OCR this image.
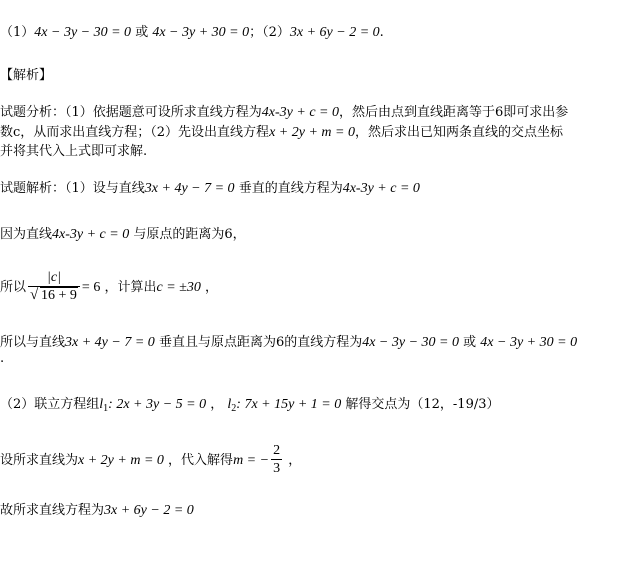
（1）4x − 3y − 30 = 0 或 4x − 3y + 30 = 0；（2）3x + 6y − 2 = 0.
【解析】
试题分析：（1）依据题意可设所求直线方程为4x-3y + c = 0，然后由点到直线距离等于6即可求出参
数c，从而求出直线方程；（2）先设出直线方程x + 2y + m = 0，然后求出已知两条直线的交点坐标
并将其代入上式即可求解.
试题解析：（1）设与直线3x + 4y − 7 = 0 垂直的直线方程为4x-3y + c = 0
因为直线4x-3y + c = 0 与原点的距离为6，
所以 |c|
√ 16 + 9 = 6 ，计算出c = ±30 ，
所以与直线3x + 4y − 7 = 0 垂直且与原点距离为6的直线方程为4x − 3y − 30 = 0 或 4x − 3y + 30 = 0
.
（2）联立方程组$l_1$: 2x + 3y − 5 = 0 ， $l_2$: 7x + 15y + 1 = 0 解得交点为（12，-19/3）
设所求直线为x + 2y + m = 0 ，代入解得m = − $\frac{2}{3}$ ，
故所求直线方程为3x + 6y − 2 = 0
